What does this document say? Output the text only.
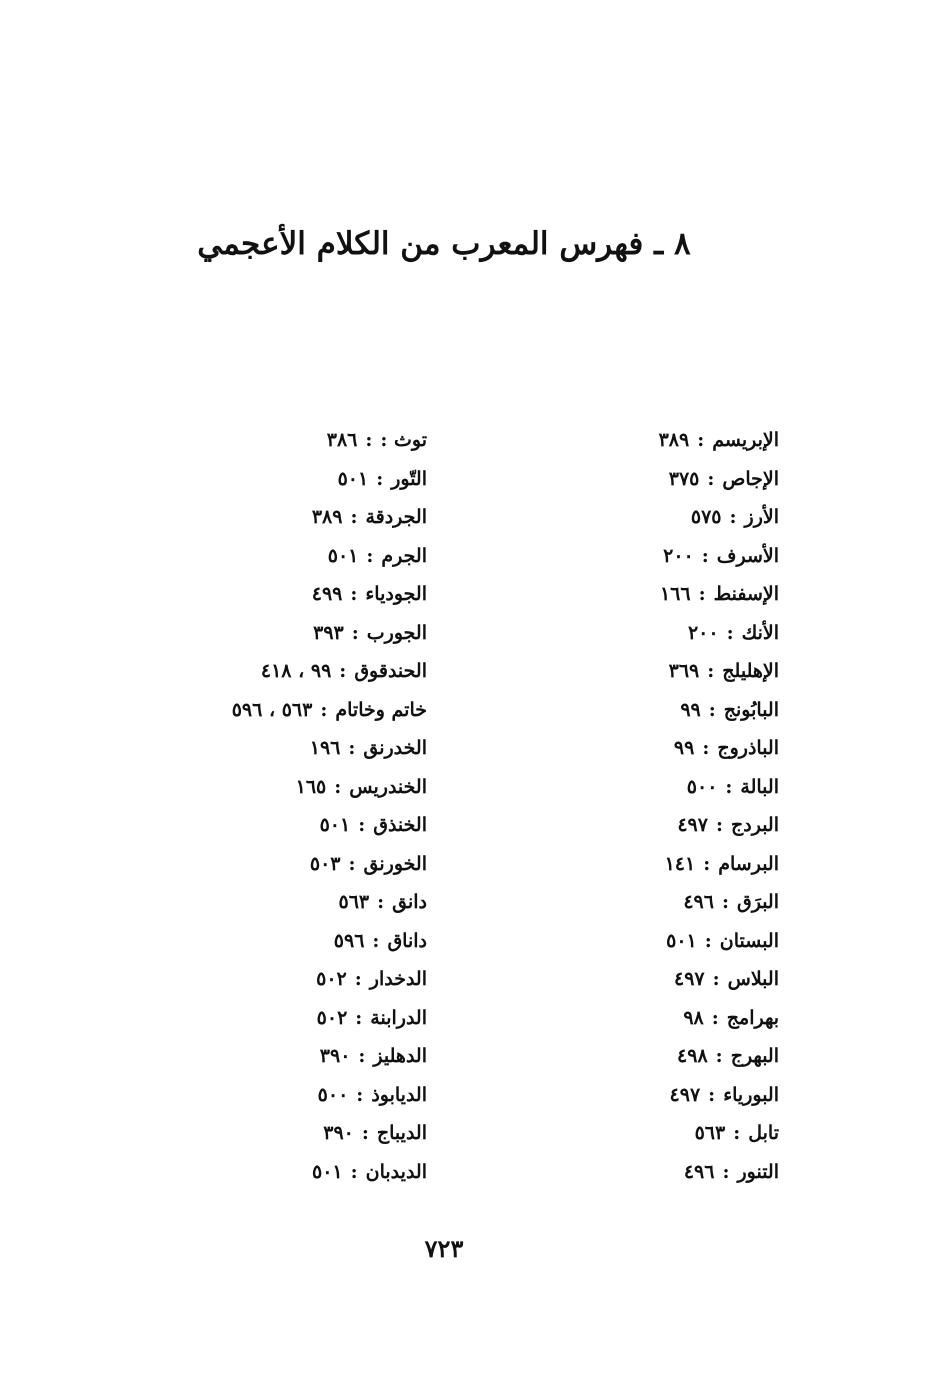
٨ ـ فهرس المعرب من الكلام الأعجمي
الإبريسم:٣٨٩
الإجاص:٣٧٥
الأرز:٥٧٥
الأسرف:٢٠٠
الإسفنط:١٦٦
الأنك:٢٠٠
الإهليلج:٣٦٩
البابُونج:٩٩
الباذروج:٩٩
البالة:٥٠٠
البردج:٤٩٧
البرسام:١٤١
البرَق:٤٩٦
البستان:٥٠١
البلاس:٤٩٧
بهرامج:٩٨
البهرج:٤٩٨
البورياء:٤٩٧
تابل:٥٦٣
التنور:٤٩٦
توث ::٣٨٦
التّور:٥٠١
الجردقة:٣٨٩
الجرم:٥٠١
الجودياء:٤٩٩
الجورب:٣٩٣
الحندقوق:٩٩ ، ٤١٨
خاتم وخاتام:٥٦٣ ، ٥٩٦
الخدرنق:١٩٦
الخندريس:١٦٥
الخنذق:٥٠١
الخورنق:٥٠٣
دانق:٥٦٣
داناق:٥٩٦
الدخدار:٥٠٢
الدرابنة:٥٠٢
الدهليز:٣٩٠
الديابوذ:٥٠٠
الديباج:٣٩٠
الديدبان:٥٠١
٧٢٣
